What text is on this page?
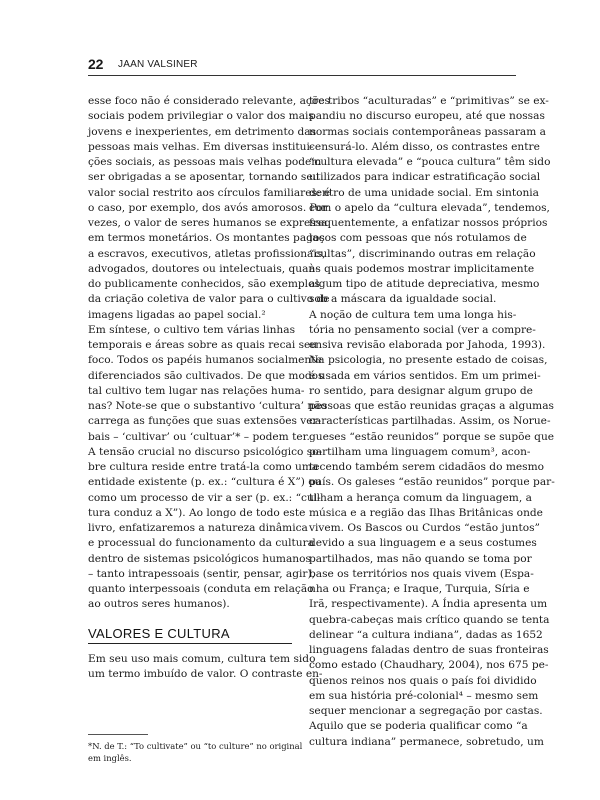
22 JAAN VALSINER
esse foco não é considerado relevante, ações
sociais podem privilegiar o valor dos mais
jovens e inexperientes, em detrimento das
pessoas mais velhas. Em diversas institui-
ções sociais, as pessoas mais velhas podem
ser obrigadas a se aposentar, tornando seu
valor social restrito aos círculos familiares: é
o caso, por exemplo, dos avós amorosos. Por
vezes, o valor de seres humanos se expressa
em termos monetários. Os montantes pagos
a escravos, executivos, atletas profissionais,
advogados, doutores ou intelectuais, quan-
do publicamente conhecidos, são exemplos
da criação coletiva de valor para o cultivo de
imagens ligadas ao papel social.²
Em síntese, o cultivo tem várias linhas
temporais e áreas sobre as quais recai seu
foco. Todos os papéis humanos socialmente
diferenciados são cultivados. De que modos
tal cultivo tem lugar nas relações huma-
nas? Note-se que o substantivo ‘cultura’ não
carrega as funções que suas extensões ver-
bais – ‘cultivar’ ou ‘cultuar’* – podem ter.
A tensão crucial no discurso psicológico so-
bre cultura reside entre tratá-la como uma
entidade existente (p. ex.: “cultura é X”) ou
como um processo de vir a ser (p. ex.: “cul-
tura conduz a X”). Ao longo de todo este
livro, enfatizaremos a natureza dinâmica
e processual do funcionamento da cultura
dentro de sistemas psicológicos humanos
– tanto intrapessoais (sentir, pensar, agir),
quanto interpessoais (conduta em relação
ao outros seres humanos).
tre tribos “aculturadas” e “primitivas” se ex-
pandiu no discurso europeu, até que nossas
normas sociais contemporâneas passaram a
censurá-lo. Além disso, os contrastes entre
“cultura elevada” e “pouca cultura” têm sido
utilizados para indicar estratificação social
dentro de uma unidade social. Em sintonia
com o apelo da “cultura elevada”, tendemos,
frequentemente, a enfatizar nossos próprios
laços com pessoas que nós rotulamos de
“cultas”, discriminando outras em relação
às quais podemos mostrar implicitamente
algum tipo de atitude depreciativa, mesmo
sob a máscara da igualdade social.
A noção de cultura tem uma longa his-
tória no pensamento social (ver a compre-
ensiva revisão elaborada por Jahoda, 1993).
Na psicologia, no presente estado de coisas,
é usada em vários sentidos. Em um primei-
ro sentido, para designar algum grupo de
pessoas que estão reunidas graças a algumas
características partilhadas. Assim, os Norue-
gueses “estão reunidos” porque se supõe que
partilham uma linguagem comum³, acon-
tecendo também serem cidadãos do mesmo
país. Os galeses “estão reunidos” porque par-
tilham a herança comum da linguagem, a
música e a região das Ilhas Britânicas onde
vivem. Os Bascos ou Curdos “estão juntos”
devido a sua linguagem e a seus costumes
partilhados, mas não quando se toma por
base os territórios nos quais vivem (Espa-
nha ou França; e Iraque, Turquia, Síria e
Irã, respectivamente). A Índia apresenta um
quebra-cabeças mais crítico quando se tenta
delinear “a cultura indiana”, dadas as 1652
linguagens faladas dentro de suas fronteiras
como estado (Chaudhary, 2004), nos 675 pe-
quenos reinos nos quais o país foi dividido
em sua história pré-colonial⁴ – mesmo sem
sequer mencionar a segregação por castas.
Aquilo que se poderia qualificar como “a
cultura indiana” permanece, sobretudo, um
VALORES E CULTURA
Em seu uso mais comum, cultura tem sido
um termo imbuído de valor. O contraste en-
*N. de T.: “To cultivate” ou “to culture” no original
em inglês.
